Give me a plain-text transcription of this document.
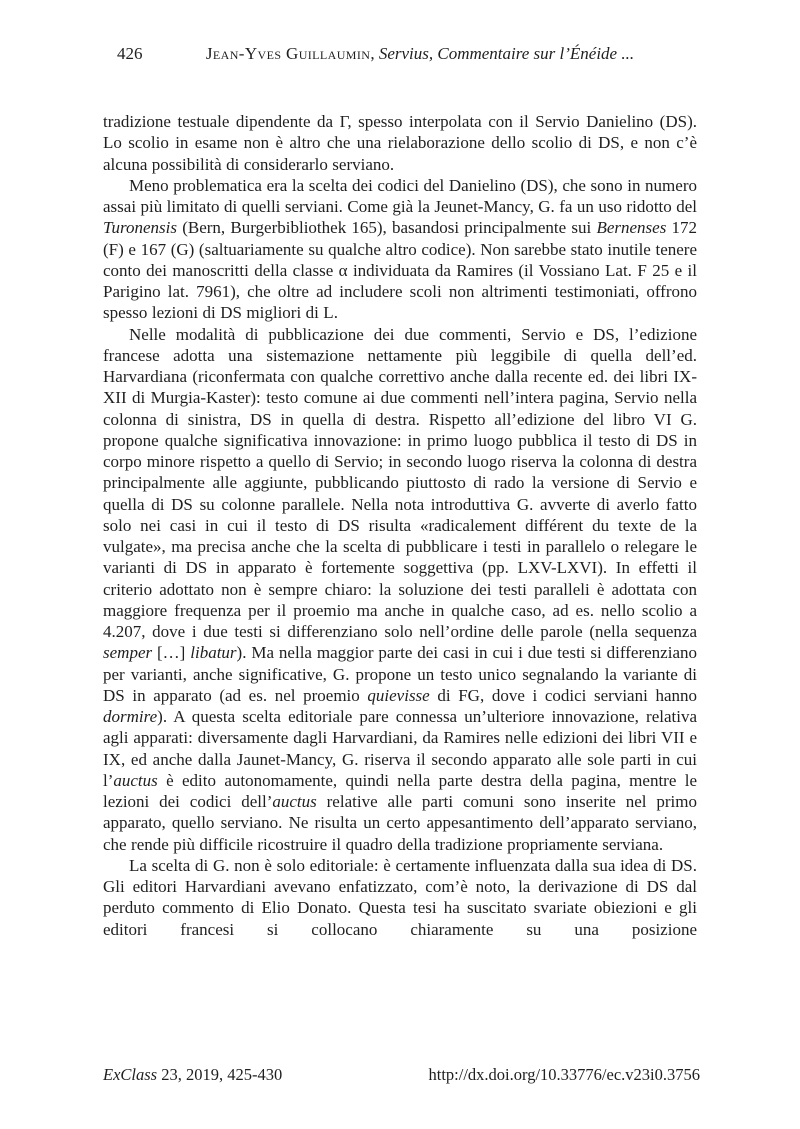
426	Jean-Yves Guillaumin, Servius, Commentaire sur l’Énéide ...

tradizione testuale dipendente da Γ, spesso interpolata con il Servio Danielino (DS). Lo scolio in esame non è altro che una rielaborazione dello scolio di DS, e non c’è alcuna possibilità di considerarlo serviano.

Meno problematica era la scelta dei codici del Danielino (DS), che sono in numero assai più limitato di quelli serviani. Come già la Jeunet-Mancy, G. fa un uso ridotto del Turonensis (Bern, Burgerbibliothek 165), basandosi principalmente sui Bernenses 172 (F) e 167 (G) (saltuariamente su qualche altro codice). Non sarebbe stato inutile tenere conto dei manoscritti della classe α individuata da Ramires (il Vossiano Lat. F 25 e il Parigino lat. 7961), che oltre ad includere scoli non altrimenti testimoniati, offrono spesso lezioni di DS migliori di L.

Nelle modalità di pubblicazione dei due commenti, Servio e DS, l’edizione francese adotta una sistemazione nettamente più leggibile di quella dell’ed. Harvardiana (riconfermata con qualche correttivo anche dalla recente ed. dei libri IX-XII di Murgia-Kaster): testo comune ai due commenti nell’intera pagina, Servio nella colonna di sinistra, DS in quella di destra. Rispetto all’edizione del libro VI G. propone qualche significativa innovazione: in primo luogo pubblica il testo di DS in corpo minore rispetto a quello di Servio; in secondo luogo riserva la colonna di destra principalmente alle aggiunte, pubblicando piuttosto di rado la versione di Servio e quella di DS su colonne parallele. Nella nota introduttiva G. avverte di averlo fatto solo nei casi in cui il testo di DS risulta «radicalement différent du texte de la vulgate», ma precisa anche che la scelta di pubblicare i testi in parallelo o relegare le varianti di DS in apparato è fortemente soggettiva (pp. LXV-LXVI). In effetti il criterio adottato non è sempre chiaro: la soluzione dei testi paralleli è adottata con maggiore frequenza per il proemio ma anche in qualche caso, ad es. nello scolio a 4.207, dove i due testi si differenziano solo nell’ordine delle parole (nella sequenza semper […] libatur). Ma nella maggior parte dei casi in cui i due testi si differenziano per varianti, anche significative, G. propone un testo unico segnalando la variante di DS in apparato (ad es. nel proemio quievisse di FG, dove i codici serviani hanno dormire). A questa scelta editoriale pare connessa un’ulteriore innovazione, relativa agli apparati: diversamente dagli Harvardiani, da Ramires nelle edizioni dei libri VII e IX, ed anche dalla Jaunet-Mancy, G. riserva il secondo apparato alle sole parti in cui l’auctus è edito autonomamente, quindi nella parte destra della pagina, mentre le lezioni dei codici dell’auctus relative alle parti comuni sono inserite nel primo apparato, quello serviano. Ne risulta un certo appesantimento dell’apparato serviano, che rende più difficile ricostruire il quadro della tradizione propriamente serviana.

La scelta di G. non è solo editoriale: è certamente influenzata dalla sua idea di DS. Gli editori Harvardiani avevano enfatizzato, com’è noto, la derivazione di DS dal perduto commento di Elio Donato. Questa tesi ha suscitato svariate obiezioni e gli editori francesi si collocano chiaramente su una posizione

ExClass 23, 2019, 425-430	http://dx.doi.org/10.33776/ec.v23i0.3756
